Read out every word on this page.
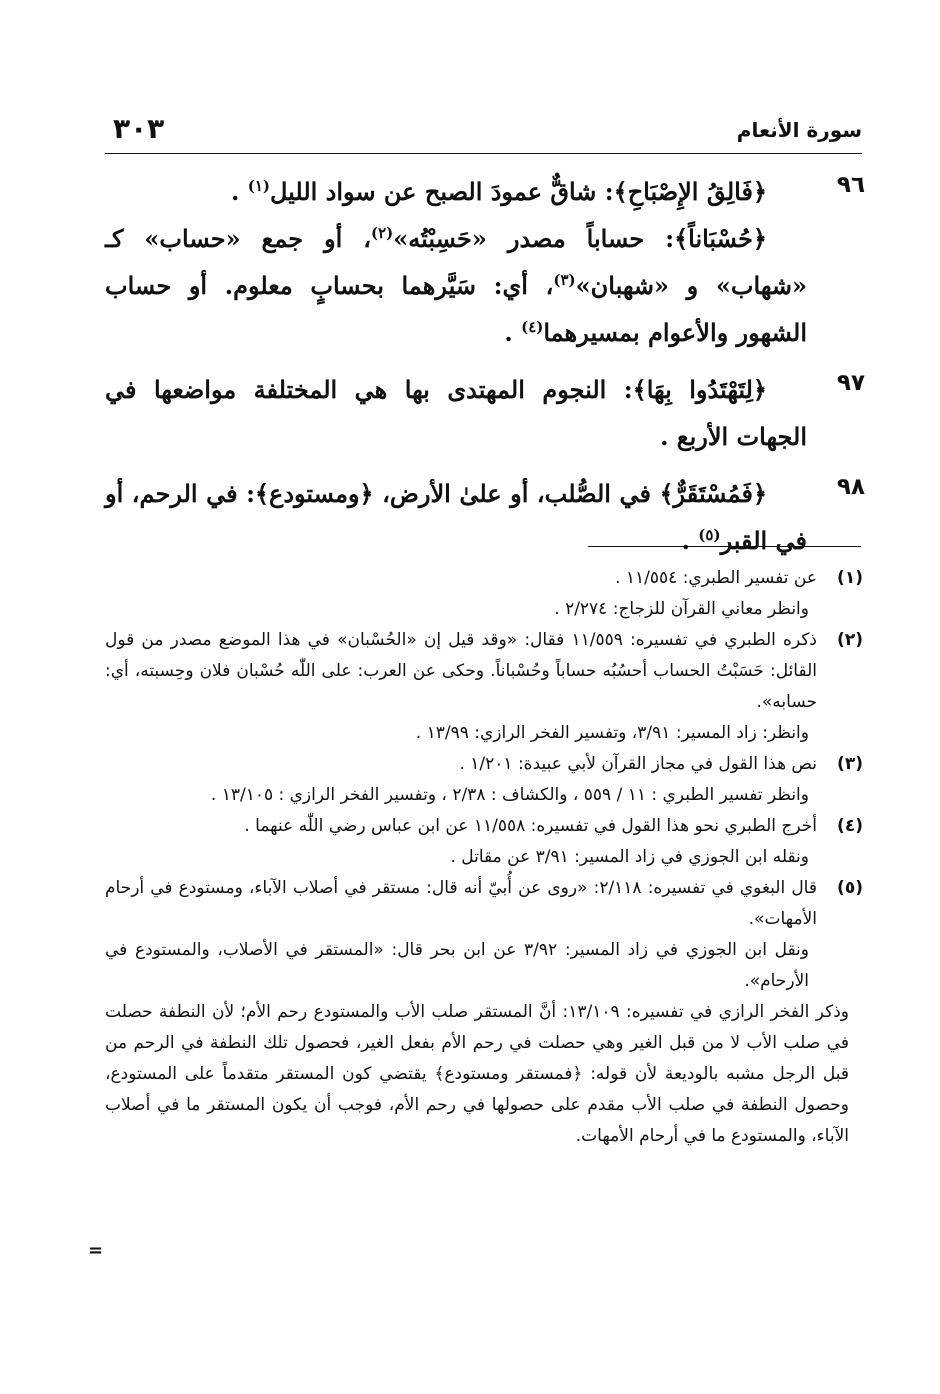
سورة الأنعام
٣٠٣
٩٦

﴿فَالِقُ الإِصْبَاحِ﴾: شاقٌّ عمودَ الصبح عن سواد الليل$^{(١)}$ .

﴿حُسْبَاناً﴾: حساباً مصدر «حَسِبْتُه»$^{(٢)}$، أو جمع «حساب» كـ «شهاب» و «شهبان»$^{(٣)}$، أي: سَيَّرهما بحسابٍ معلوم. أو حساب الشهور والأعوام بمسيرهما$^{(٤)}$ .

٩٧

﴿لِتَهْتَدُوا بِهَا﴾: النجوم المهتدى بها هي المختلفة مواضعها في الجهات الأربع .

٩٨

﴿فَمُسْتَقَرٌّ﴾ في الصُّلب، أو علىٰ الأرض، ﴿ومستودع﴾: في الرحم، أو في القبر$^{(٥)}$ .

(١)

عن تفسير الطبري: ١١/٥٥٤ .

وانظر معاني القرآن للزجاج: ٢/٢٧٤ .

(٢)

ذكره الطبري في تفسيره: ١١/٥٥٩ فقال: «وقد قيل إن «الحُسْبان» في هذا الموضع مصدر من قول القائل: حَسَبْتُ الحساب أحسُبُه حساباً وحُسْباناً. وحكى عن العرب: على اللّٰه حُسْبان فلان وحِسبته، أي: حسابه».

وانظر: زاد المسير: ٣/٩١، وتفسير الفخر الرازي: ١٣/٩٩ .

(٣)

نص هذا القول في مجاز القرآن لأبي عبيدة: ١/٢٠١ .

وانظر تفسير الطبري : ١١ / ٥٥٩ ، والكشاف : ٢/٣٨ ، وتفسير الفخر الرازي : ١٣/١٠٥ .

(٤)

أخرج الطبري نحو هذا القول في تفسيره: ١١/٥٥٨ عن ابن عباس رضي اللّٰه عنهما .

ونقله ابن الجوزي في زاد المسير: ٣/٩١ عن مقاتل .

(٥)

قال البغوي في تفسيره: ٢/١١٨: «روى عن أُبيّ أنه قال: مستقر في أصلاب الآباء، ومستودع في أرحام الأمهات».

ونقل ابن الجوزي في زاد المسير: ٣/٩٢ عن ابن بحر قال: «المستقر في الأصلاب، والمستودع في الأرحام».

وذكر الفخر الرازي في تفسيره: ١٣/١٠٩: أنَّ المستقر صلب الأب والمستودع رحم الأم؛ لأن النطفة حصلت في صلب الأب لا من قبل الغير وهي حصلت في رحم الأم بفعل الغير، فحصول تلك النطفة في الرحم من قبل الرجل مشبه بالوديعة لأن قوله: ﴿فمستقر ومستودع﴾ يقتضي كون المستقر متقدماً على المستودع، وحصول النطفة في صلب الأب مقدم على حصولها في رحم الأم، فوجب أن يكون المستقر ما في أصلاب الآباء، والمستودع ما في أرحام الأمهات.

=
